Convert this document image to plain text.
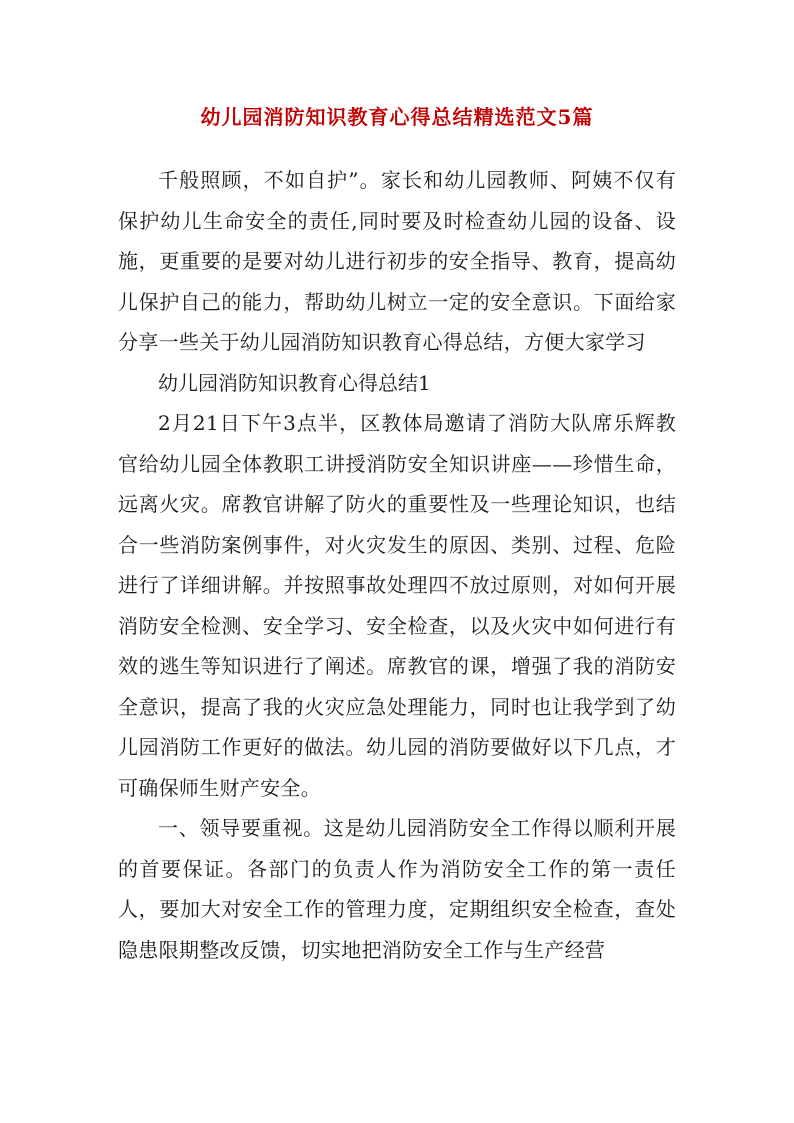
幼儿园消防知识教育心得总结精选范文5篇

千般照顾，不如自护”。家长和幼儿园教师、阿姨不仅有保护幼儿生命安全的责任,同时要及时检查幼儿园的设备、设施，更重要的是要对幼儿进行初步的安全指导、教育，提高幼儿保护自己的能力，帮助幼儿树立一定的安全意识。下面给家分享一些关于幼儿园消防知识教育心得总结，方便大家学习

幼儿园消防知识教育心得总结1

2月21日下午3点半，区教体局邀请了消防大队席乐辉教官给幼儿园全体教职工讲授消防安全知识讲座——珍惜生命，远离火灾。席教官讲解了防火的重要性及一些理论知识，也结合一些消防案例事件，对火灾发生的原因、类别、过程、危险进行了详细讲解。并按照事故处理四不放过原则，对如何开展消防安全检测、安全学习、安全检查，以及火灾中如何进行有效的逃生等知识进行了阐述。席教官的课，增强了我的消防安全意识，提高了我的火灾应急处理能力，同时也让我学到了幼儿园消防工作更好的做法。幼儿园的消防要做好以下几点，才可确保师生财产安全。

一、领导要重视。这是幼儿园消防安全工作得以顺利开展的首要保证。各部门的负责人作为消防安全工作的第一责任人，要加大对安全工作的管理力度，定期组织安全检查，查处隐患限期整改反馈，切实地把消防安全工作与生产经营
